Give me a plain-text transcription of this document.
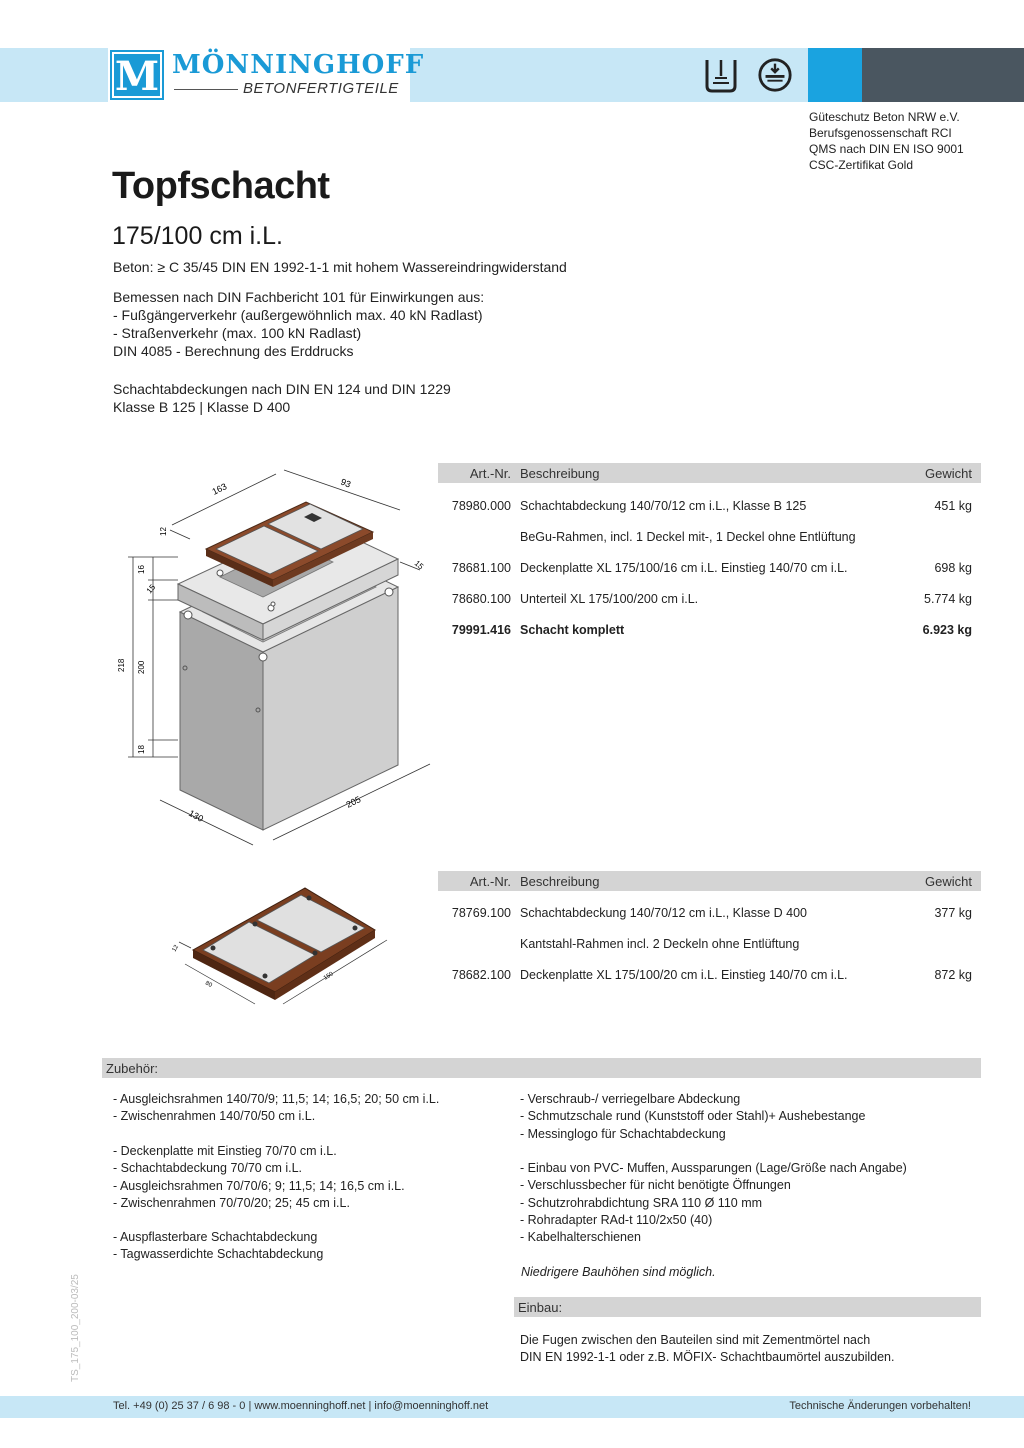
M MÖNNINGHOFF
BETONFERTIGTEILE
Güteschutz Beton NRW e.V.
Berufsgenossenschaft RCI
QMS nach DIN EN ISO 9001
CSC-Zertifikat Gold
Topfschacht
175/100 cm i.L.
Beton: ≥ C 35/45 DIN EN 1992-1-1 mit hohem Wassereindringwiderstand
Bemessen nach DIN Fachbericht 101 für Einwirkungen aus:
- Fußgängerverkehr (außergewöhnlich max. 40 kN Radlast)
- Straßenverkehr (max. 100 kN Radlast)
DIN 4085 - Berechnung des Erddrucks
Schachtabdeckungen nach DIN EN 124 und DIN 1229
Klasse B 125 | Klasse D 400
163	93
12
16
15
218 200
18
15
130
205
Art.-Nr. Beschreibung	Gewicht
78980.000 Schachtabdeckung 140/70/12 cm i.L., Klasse B 125	451 kg
BeGu-Rahmen, incl. 1 Deckel mit-, 1 Deckel ohne Entlüftung
78681.100 Deckenplatte XL 175/100/16 cm i.L. Einstieg 140/70 cm i.L.	698 kg
78680.100 Unterteil XL 175/100/200 cm i.L.	5.774 kg
79991.416 Schacht komplett	6.923 kg
12
80
150
Art.-Nr. Beschreibung	Gewicht
78769.100 Schachtabdeckung 140/70/12 cm i.L., Klasse D 400	377 kg
Kantstahl-Rahmen incl. 2 Deckeln ohne Entlüftung
78682.100 Deckenplatte XL 175/100/20 cm i.L. Einstieg 140/70 cm i.L.	872 kg
Zubehör:
- Ausgleichsrahmen 140/70/9; 11,5; 14; 16,5; 20; 50 cm i.L.
- Zwischenrahmen 140/70/50 cm i.L.
- Deckenplatte mit Einstieg 70/70 cm i.L.
- Schachtabdeckung 70/70 cm i.L.
- Ausgleichsrahmen 70/70/6; 9; 11,5; 14; 16,5 cm i.L.
- Zwischenrahmen 70/70/20; 25; 45 cm i.L.
- Auspflasterbare Schachtabdeckung
- Tagwasserdichte Schachtabdeckung
- Verschraub-/ verriegelbare Abdeckung
- Schmutzschale rund (Kunststoff oder Stahl)+ Aushebestange
- Messinglogo für Schachtabdeckung
- Einbau von PVC- Muffen, Aussparungen (Lage/Größe nach Angabe)
- Verschlussbecher für nicht benötigte Öffnungen
- Schutzrohrabdichtung SRA 110 Ø 110 mm
- Rohradapter RAd-t 110/2x50 (40)
- Kabelhalterschienen
Niedrigere Bauhöhen sind möglich.
Einbau:
Die Fugen zwischen den Bauteilen sind mit Zementmörtel nach
DIN EN 1992-1-1 oder z.B. MÖFIX- Schachtbaumörtel auszubilden.
TS_175_100_200-03/25
Tel. +49 (0) 25 37 / 6 98 - 0 | www.moenninghoff.net | info@moenninghoff.net	Technische Änderungen vorbehalten!
